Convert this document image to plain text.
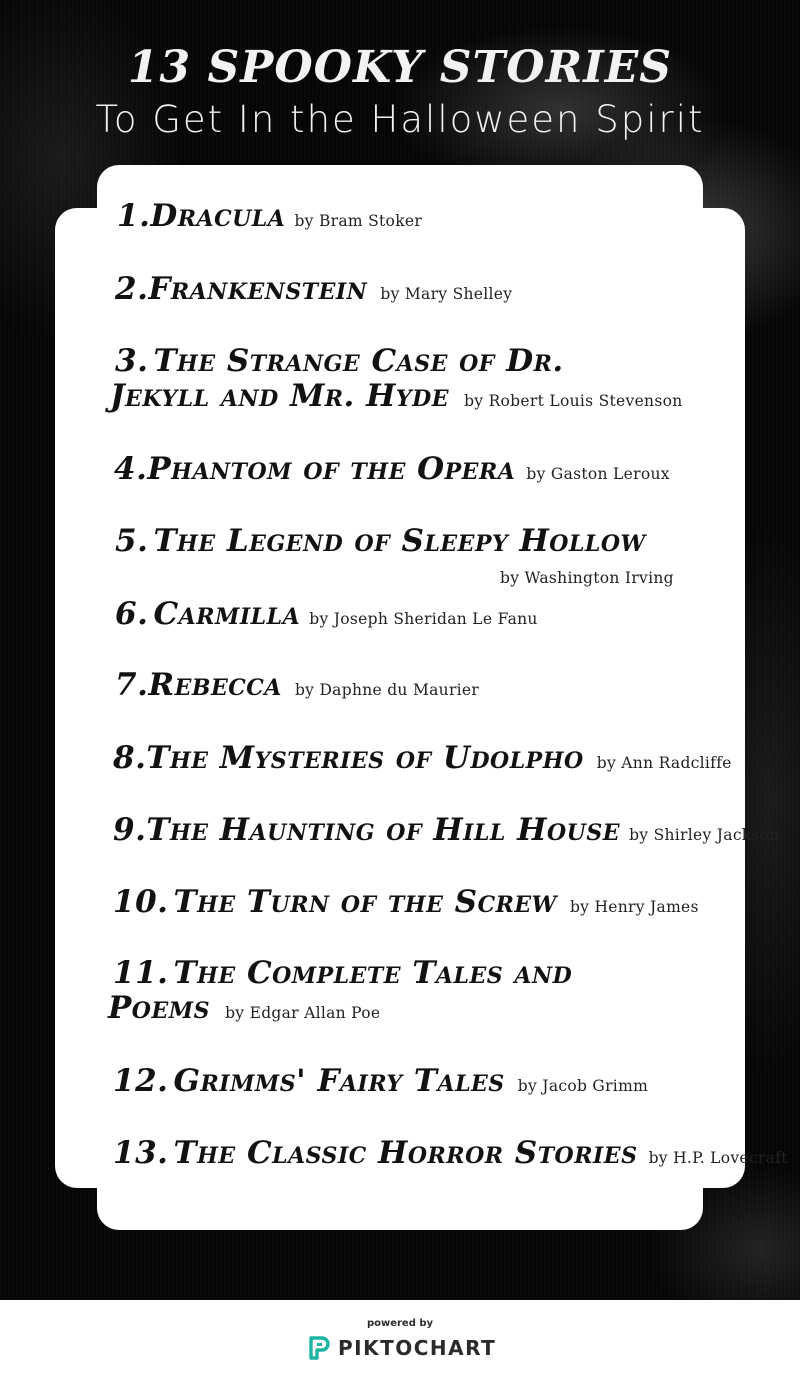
13 SPOOKY STORIES
To Get In the Halloween Spirit
1.Dracula by Bram Stoker
2.Frankenstein by Mary Shelley
3. The Strange Case of Dr.
Jekyll and Mr. Hyde by Robert Louis Stevenson
4.Phantom of the Opera by Gaston Leroux
5. The Legend of Sleepy Hollow
by Washington Irving
6. Carmilla by Joseph Sheridan Le Fanu
7.Rebecca by Daphne du Maurier
8.The Mysteries of Udolpho by Ann Radcliffe
9.The Haunting of Hill House by Shirley Jackson
10. The Turn of the Screw by Henry James
11. The Complete Tales and
Poems by Edgar Allan Poe
12. Grimms' Fairy Tales by Jacob Grimm
13. The Classic Horror Stories by H.P. Lovecraft
powered by
PIKTOCHART
